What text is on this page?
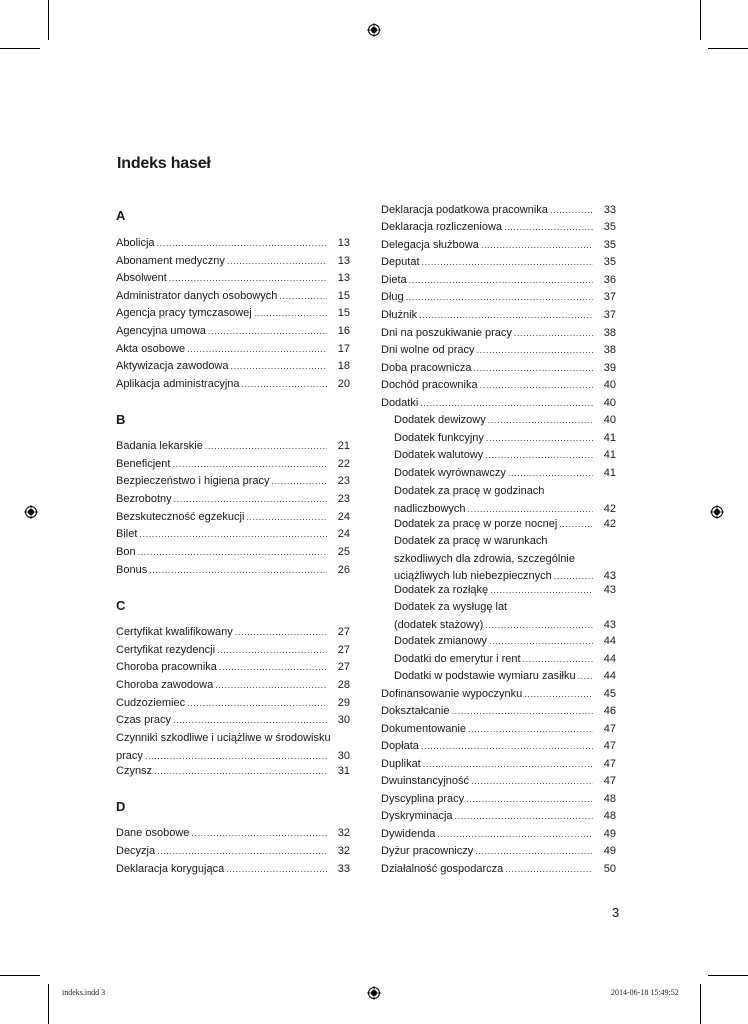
Indeks haseł
A
Abolicja .....	13
Abonament medyczny .....	13
Absolwent .....	13
Administrator danych osobowych .....	15
Agencja pracy tymczasowej .....	15
Agencyjna umowa .....	16
Akta osobowe .....	17
Aktywizacja zawodowa .....	18
Aplikacja administracyjna .....	20
B
Badania lekarskie .....	21
Beneficjent .....	22
Bezpieczeństwo i higiena pracy .....	23
Bezrobotny .....	23
Bezskuteczność egzekucji .....	24
Bilet .....	24
Bon .....	25
Bonus .....	26
C
Certyfikat kwalifikowany .....	27
Certyfikat rezydencji .....	27
Choroba pracownika .....	27
Choroba zawodowa .....	28
Cudzoziemiec .....	29
Czas pracy .....	30
Czynniki szkodliwe i uciążliwe w środowisku
pracy .....	30
Czynsz .....	31
D
Dane osobowe .....	32
Decyzja .....	32
Deklaracja korygująca .....	33
Deklaracja podatkowa pracownika .....	33
Deklaracja rozliczeniowa .....	35
Delegacja służbowa .....	35
Deputat .....	35
Dieta .....	36
Dług .....	37
Dłużnik .....	37
Dni na poszukiwanie pracy .....	38
Dni wolne od pracy .....	38
Doba pracownicza .....	39
Dochód pracownika .....	40
Dodatki .....	40
Dodatek dewizowy .....	40
Dodatek funkcyjny .....	41
Dodatek walutowy .....	41
Dodatek wyrównawczy .....	41
Dodatek za pracę w godzinach
nadliczbowych .....	42
Dodatek za pracę w porze nocnej .....	42
Dodatek za pracę w warunkach
szkodliwych dla zdrowia, szczególnie
uciążliwych lub niebezpiecznych .....	43
Dodatek za rozłąkę .....	43
Dodatek za wysługę lat
(dodatek stażowy) .....	43
Dodatek zmianowy .....	44
Dodatki do emerytur i rent .....	44
Dodatki w podstawie wymiaru zasiłku .....	44
Dofinansowanie wypoczynku .....	45
Dokształcanie .....	46
Dokumentowanie .....	47
Dopłata .....	47
Duplikat .....	47
Dwuinstancyjność .....	47
Dyscyplina pracy .....	48
Dyskryminacja .....	48
Dywidenda .....	49
Dyżur pracowniczy .....	49
Działalność gospodarcza .....	50
3
indeks.indd 3	2014-06-18 15:49:52
